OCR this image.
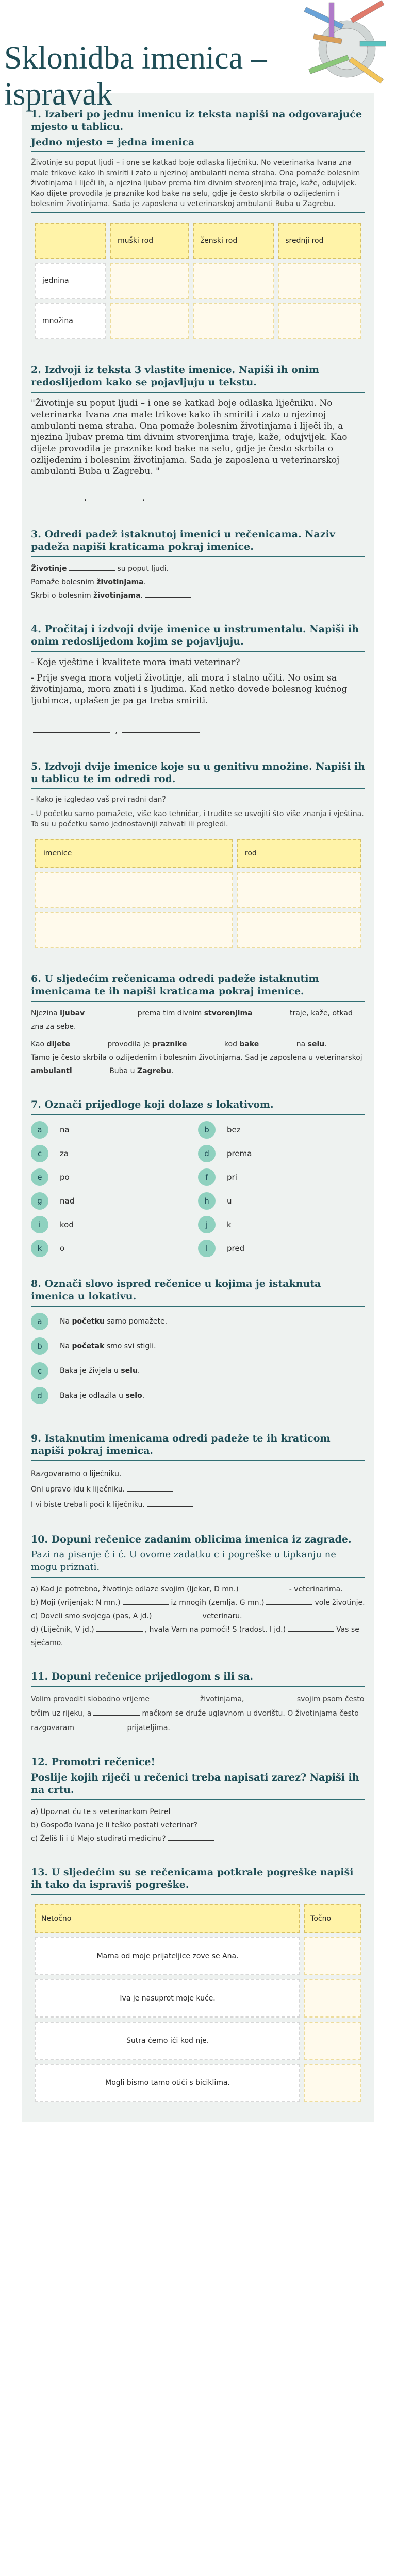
Sklonidba imenica – ispravak
1. Izaberi po jednu imenicu iz teksta napiši na odgovarajuće mjesto u tablicu.
Jedno mjesto = jedna imenica

Životinje su poput ljudi – i one se katkad boje odlaska liječniku. No veterinarka Ivana zna male trikove kako ih smiriti i zato u njezinoj ambulanti nema straha. Ona pomaže bolesnim životinjama i liječi ih, a njezina ljubav prema tim divnim stvorenjima traje, kaže, odujvijek. Kao dijete provodila je praznike kod bake na selu, gdje je često skrbila o ozlijeđenim i bolesnim životinjama. Sada je zaposlena u veterinarskoj ambulanti Buba u Zagrebu.

	muški rod	ženski rod	srednji rod
jednina			
množina			
2. Izdvoji iz teksta 3 vlastite imenice. Napiši ih onim redoslijedom kako se pojavljuju u tekstu.

"Životinje su poput ljudi – i one se katkad boje odlaska liječniku. No veterinarka Ivana zna male trikove kako ih smiriti i zato u njezinoj ambulanti nema straha. Ona pomaže bolesnim životinjama i liječi ih, a njezina ljubav prema tim divnim stvorenjima traje, kaže, odujvijek. Kao dijete provodila je praznike kod bake na selu, gdje je često skrbila o ozlijeđenim i bolesnim životinjama. Sada je zaposlena u veterinarskoj ambulanti Buba u Zagrebu. "

,	,
3. Odredi padež istaknutoj imenici u rečenicama. Naziv padeža napiši kraticama pokraj imenice.

Životinje	su poput ljudi.

Pomaže bolesnim životinjama.

Skrbi o bolesnim životinjama.

4. Pročitaj i izdvoji dvije imenice u instrumentalu. Napiši ih onim redoslijedom kojim se pojavljuju.

- Koje vještine i kvalitete mora imati veterinar?

- Prije svega mora voljeti životinje, ali mora i stalno učiti. No osim sa životinjama, mora znati i s ljudima. Kad netko dovede bolesnog kućnog ljubimca, uplašen je pa ga treba smiriti.

,
5. Izdvoji dvije imenice koje su u genitivu množine. Napiši ih u tablicu te im odredi rod.

- Kako je izgledao vaš prvi radni dan?

- U početku samo pomažete, više kao tehničar, i trudite se usvojiti što više znanja i vještina. To su u početku samo jednostavniji zahvati ili pregledi.

imenice	rod

6. U sljedećim rečenicama odredi padeže istaknutim imenicama te ih napiši kraticama pokraj imenice.

Njezina ljubav	prema tim divnim stvorenjima	traje, kaže, otkad zna za sebe.

Kao dijete	provodila je praznike	kod bake	na selu. Tamo je često skrbila o ozlijeđenim i bolesnim životinjama. Sad je zaposlena u veterinarskoj ambulanti	Buba u Zagrebu.

7. Označi prijedloge koji dolaze s lokativom.
a	na	b	bez
c	za	d	prema
e	po	f	pri
g	nad	h	u
i	kod	j	k
k	o	l	pred
8. Označi slovo ispred rečenice u kojima je istaknuta imenica u lokativu.
a	Na početku samo pomažete.
b	Na početak smo svi stigli.
c	Baka je živjela u selu.
d	Baka je odlazila u selo.
9. Istaknutim imenicama odredi padeže te ih kraticom napiši pokraj imenica.

Razgovaramo o liječniku.

Oni upravo idu k liječniku.

I vi biste trebali poći k liječniku.

10. Dopuni rečenice zadanim oblicima imenica iz zagrade.
Pazi na pisanje č i ć. U ovome zadatku c i pogreške u tipkanju ne mogu priznati.

a) Kad je potrebno, životinje odlaze svojim (ljekar, D mn.)	- veterinarima.

b) Moji (vrijenjak; N mn.)	iz mnogih (zemlja, G mn.)	vole životinje.

c) Doveli smo svojega (pas, A jd.)	veterinaru.

d) (Liječnik, V jd.)	, hvala Vam na pomoći! S (radost, I jd.)	Vas se sjećamo.

11. Dopuni rečenice prijedlogom s ili sa.

Volim provoditi slobodno vrijeme	životinjama,	svojim psom često trčim uz rijeku, a	mačkom se druže uglavnom u dvorištu. O životinjama često razgovaram	prijateljima.

12. Promotri rečenice!
Poslije kojih riječi u rečenici treba napisati zarez? Napiši ih na crtu.

a) Upoznat ću te s veterinarkom Petrel

b) Gospođo Ivana je li teško postati veterinar?

c) Želiš li i ti Majo studirati medicinu?

13. U sljedećim su se rečenicama potkrale pogreške napiši ih tako da ispraviš pogreške.
Netočno	Točno
Mama od moje prijateljice zove se Ana.	
Iva je nasuprot moje kuće.	
Sutra ćemo ići kod nje.	
Mogli bismo tamo otići s biciklima.	
